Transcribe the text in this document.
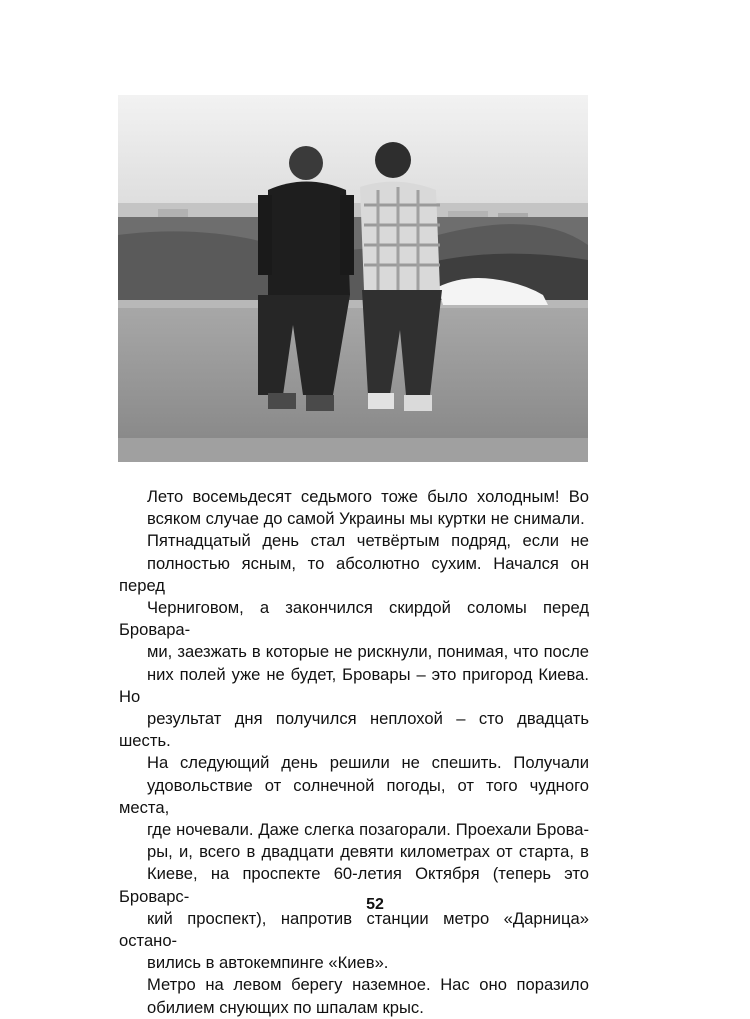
Лето восемьдесят седьмого тоже было холодным! Во
всяком случае до самой Украины мы куртки не снимали.

Пятнадцатый день стал четвёртым подряд, если не
полностью ясным, то абсолютно сухим. Начался он перед
Черниговом, а закончился скирдой соломы перед Бровара-
ми, заезжать в которые не рискнули, понимая, что после
них полей уже не будет, Бровары – это пригород Киева. Но
результат дня получился неплохой – сто двадцать шесть.

На следующий день решили не спешить. Получали
удовольствие от солнечной погоды, от того чудного места,
где ночевали. Даже слегка позагорали. Проехали Брова-
ры, и, всего в двадцати девяти километрах от старта, в
Киеве, на проспекте 60-летия Октября (теперь это Броварс-
кий проспект), напротив станции метро «Дарница» остано-
вились в автокемпинге «Киев».

Метро на левом берегу наземное. Нас оно поразило
обилием снующих по шпалам крыс.

52
